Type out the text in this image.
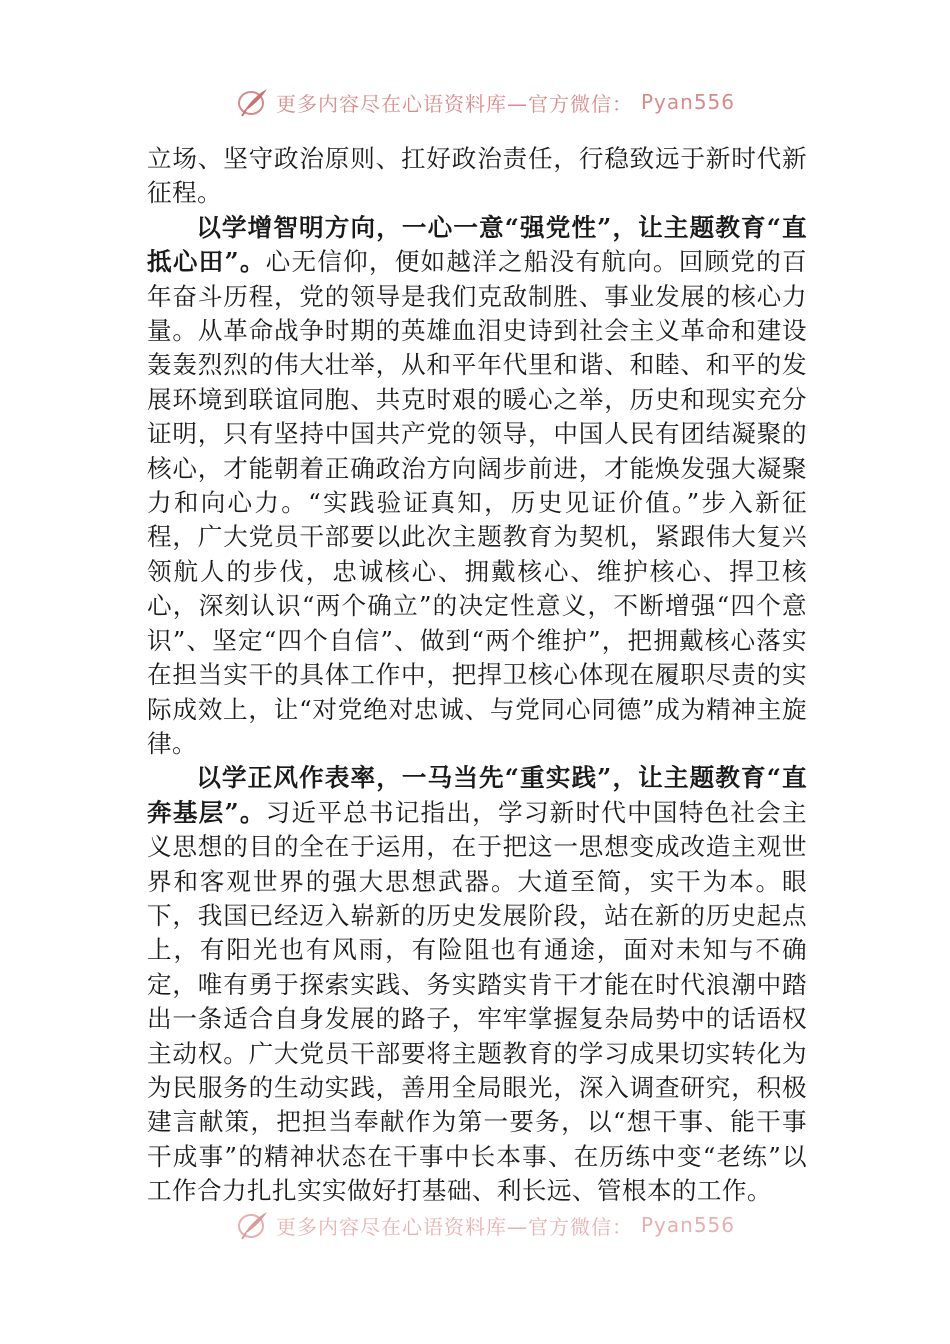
更多内容尽在心语资料库—官方微信： Pyan556

立场、坚守政治原则、扛好政治责任，行稳致远于新时代新征程。

以学增智明方向，一心一意“强党性”，让主题教育“直抵心田”。心无信仰，便如越洋之船没有航向。回顾党的百年奋斗历程，党的领导是我们克敌制胜、事业发展的核心力量。从革命战争时期的英雄血泪史诗到社会主义革命和建设轰轰烈烈的伟大壮举，从和平年代里和谐、和睦、和平的发展环境到联谊同胞、共克时艰的暖心之举，历史和现实充分证明，只有坚持中国共产党的领导，中国人民有团结凝聚的核心，才能朝着正确政治方向阔步前进，才能焕发强大凝聚力和向心力。“实践验证真知，历史见证价值。”步入新征程，广大党员干部要以此次主题教育为契机，紧跟伟大复兴领航人的步伐，忠诚核心、拥戴核心、维护核心、捍卫核心，深刻认识“两个确立”的决定性意义，不断增强“四个意识”、坚定“四个自信”、做到“两个维护”，把拥戴核心落实在担当实干的具体工作中，把捍卫核心体现在履职尽责的实际成效上，让“对党绝对忠诚、与党同心同德”成为精神主旋律。

以学正风作表率，一马当先“重实践”，让主题教育“直奔基层”。习近平总书记指出，学习新时代中国特色社会主义思想的目的全在于运用，在于把这一思想变成改造主观世界和客观世界的强大思想武器。大道至简，实干为本。眼下，我国已经迈入崭新的历史发展阶段，站在新的历史起点上，有阳光也有风雨，有险阻也有通途，面对未知与不确定，唯有勇于探索实践、务实踏实肯干才能在时代浪潮中踏出一条适合自身发展的路子，牢牢掌握复杂局势中的话语权主动权。广大党员干部要将主题教育的学习成果切实转化为为民服务的生动实践，善用全局眼光，深入调查研究，积极建言献策，把担当奉献作为第一要务，以“想干事、能干事干成事”的精神状态在干事中长本事、在历练中变“老练”以工作合力扎扎实实做好打基础、利长远、管根本的工作。

更多内容尽在心语资料库—官方微信： Pyan556
